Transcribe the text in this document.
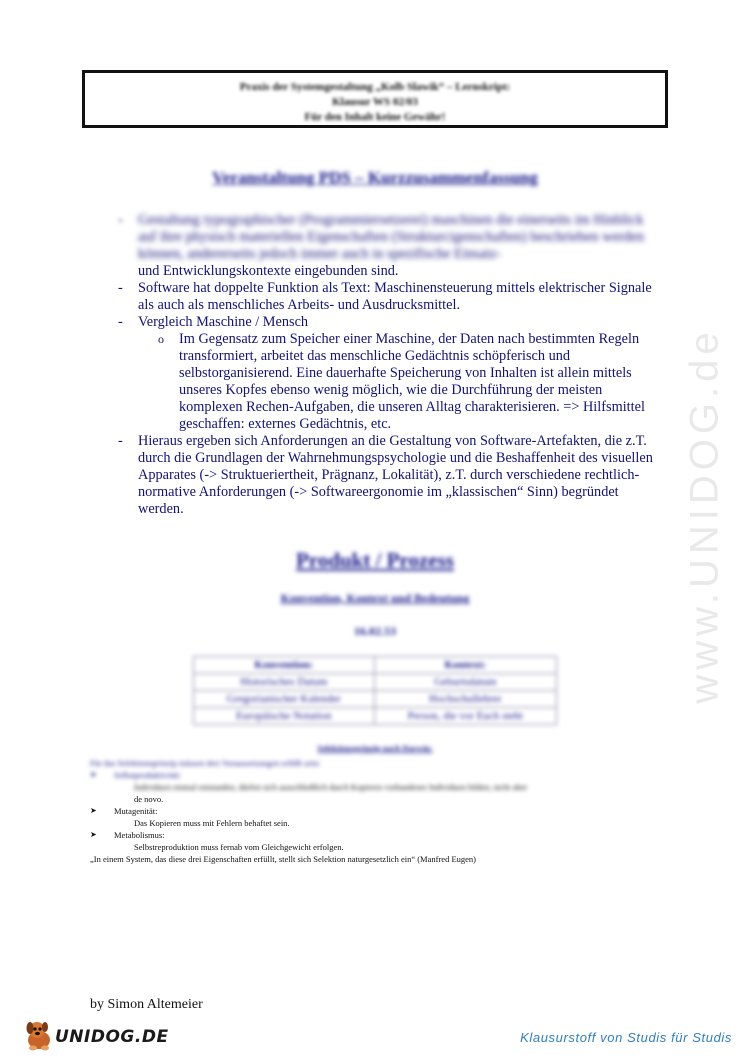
www.UNIDOG.de
Praxis der Systemgestaltung „Kolb Slawik“ – Lernskript:
Klausur WS 02/03
Für den Inhalt keine Gewähr!
Veranstaltung PDS – Kurzzusammenfassung
-	Gestaltung typographischer (Programmiersetzerei) maschinen die einerseits im Hinblick auf ihre physisch materiellen Eigenschaften (Strukturcigenschaften) beschrieben werden können, andererseits jedoch immer auch in spezifische Einsatz-
und Entwicklungskontexte eingebunden sind.
-	Software hat doppelte Funktion als Text: Maschinensteuerung mittels elektrischer Signale als auch als menschliches Arbeits- und Ausdrucksmittel.
-	Vergleich Maschine / Mensch
o	Im Gegensatz zum Speicher einer Maschine, der Daten nach bestimmten Regeln transformiert, arbeitet das menschliche Gedächtnis schöpferisch und selbstorganisierend. Eine dauerhafte Speicherung von Inhalten ist allein mittels unseres Kopfes ebenso wenig möglich, wie die Durchführung der meisten komplexen Rechen-Aufgaben, die unseren Alltag charakterisieren. => Hilfsmittel geschaffen: externes Gedächtnis, etc.
-	Hieraus ergeben sich Anforderungen an die Gestaltung von Software-Artefakten, die z.T. durch die Grundlagen der Wahrnehmungspsychologie und die Beshaffenheit des visuellen Apparates (-> Struktueriertheit, Prägnanz, Lokalität), z.T. durch verschiedene rechtlich-normative Anforderungen (-> Softwareergonomie im „klassischen“ Sinn) begründet werden.
Produkt / Prozess
Konvention, Kontext und Bedeutung
16.02.53
Konvention:	Kontext:
Historisches Datum	Geburtsdatum
Gregorianischer Kalender	Hochschullehrer
Europäische Notation	Person, die vor Euch steht
Selektionsprinzip nach Darwin:
Für das Selektionsprinzip müssen drei Voraussetzungen erfüllt sein:
➤	Selbstproduktivität:
Individuen einmal entstanden, dürfen sich ausschließlich durch Kopieren vorhandener Individuen bilden, nicht aber
de novo.
➤	Mutagenität:
Das Kopieren muss mit Fehlern behaftet sein.
➤	Metabolismus:
Selbstreproduktion muss fernab vom Gleichgewicht erfolgen.
„In einem System, das diese drei Eigenschaften erfüllt, stellt sich Selektion naturgesetzlich ein“ (Manfred Eugen)
by Simon Altemeier
UNIDOG.DE	Klausurstoff von Studis für Studis
